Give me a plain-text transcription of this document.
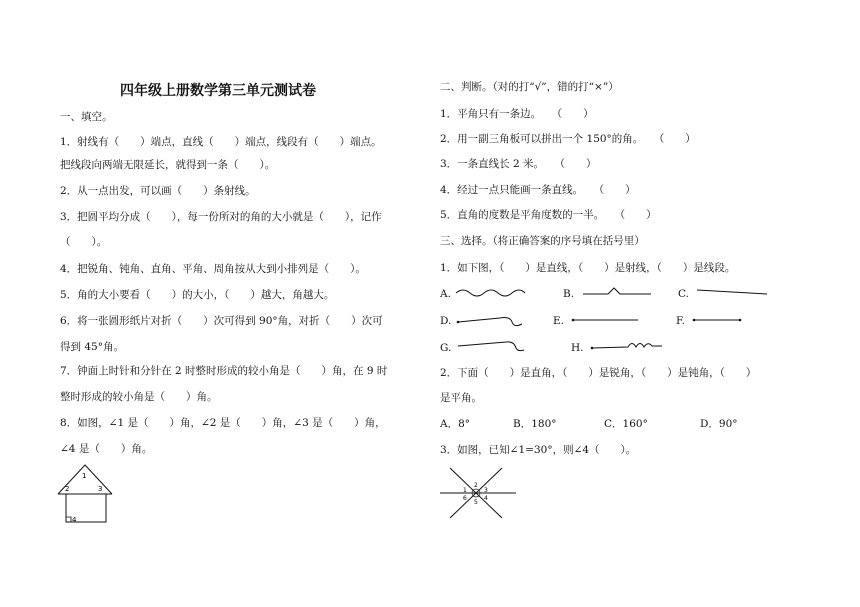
四年级上册数学第三单元测试卷
一、填空。
1．射线有（　　）端点，直线（　　）端点，线段有（　　）端点。
把线段向两端无限延长，就得到一条（　　）。
2．从一点出发，可以画（　　）条射线。
3．把圆平均分成（　　），每一份所对的角的大小就是（　　），记作
（　　）。
4．把锐角、钝角、直角、平角、周角按从大到小排列是（　　）。
5．角的大小要看（　　）的大小，（　　）越大，角越大。
6．将一张圆形纸片对折（　　）次可得到 90°角，对折（　　）次可
得到 45°角。
7．钟面上时针和分针在 2 时整时形成的较小角是（　　）角，在 9 时
整时形成的较小角是（　　）角。
8．如图，∠1 是（　　）角，∠2 是（　　）角，∠3 是（　　）角，
∠4 是（　　）角。
1
2	3
4
二、判断。（对的打“√”，错的打“×”）
1．平角只有一条边。　　（　　）
2．用一副三角板可以拼出一个 150°的角。　　（　　）
3．一条直线长 2 米。　　（　　）
4．经过一点只能画一条直线。　　（　　）
5．直角的度数是平角度数的一半。　　（　　）
三、选择。（将正确答案的序号填在括号里）
1．如下图，（　　）是直线，（　　）是射线，（　　）是线段。
A.	B.	C.
D.	E.	F.
G.	H.
2．下面（　　）是直角，（　　）是锐角，（　　）是钝角，（　　）
是平角。
A．8°	B．180°	C．160°	D．90°
3．如图，已知∠1=30°，则∠4（　　）。
1
2
3
4
5
6
